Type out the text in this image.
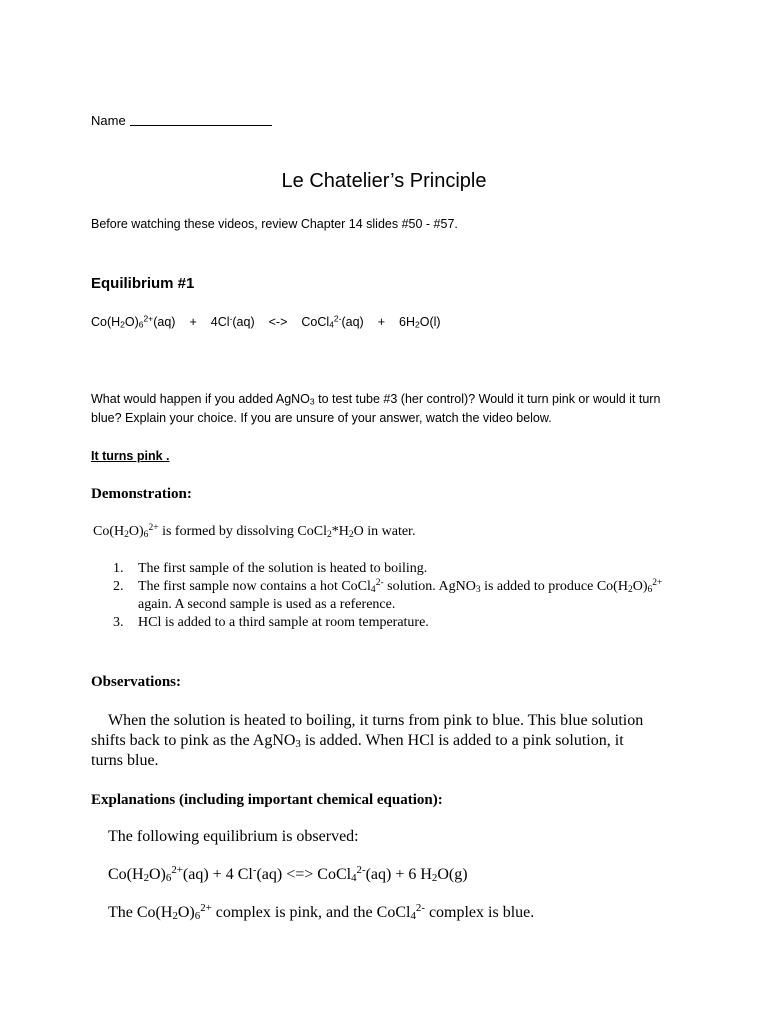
Name
Le Chatelier’s Principle
Before watching these videos, review Chapter 14 slides #50 - #57.
Equilibrium #1
$Co(H_2O)_6^{2+}(aq) + 4Cl^-(aq)$ <-> CoCl$_4^{2-}$(aq) + $6H_2O(l)$
What would happen if you added AgNO$_3$ to test tube #3 (her control)? Would it turn pink or would it turn blue? Explain your choice. If you are unsure of your answer, watch the video below.
It turns pink .
Demonstration:
$Co(H_2O)_6^{2+}$ is formed by dissolving $CoCl_2*H_2O$ in water.
1. The first sample of the solution is heated to boiling.
2. The first sample now contains a hot CoCl$_4^{2-}$ solution. AgNO$_3$ is added to produce $Co(H_2O)_6^{2+}$ again. A second sample is used as a reference.
3. HCl is added to a third sample at room temperature.
Observations:
When the solution is heated to boiling, it turns from pink to blue. This blue solution shifts back to pink as the AgNO$_3$ is added. When HCl is added to a pink solution, it turns blue.
Explanations (including important chemical equation):
The following equilibrium is observed:
$Co(H_2O)_6^{2+}(aq) + 4$ Cl-(aq) <=> CoCl$_4^{2-}$(aq) + 6 $H_2O(g)$
The $Co(H_2O)_6^{2+}$ complex is pink, and the CoCl$_4^{2-}$ complex is blue.
